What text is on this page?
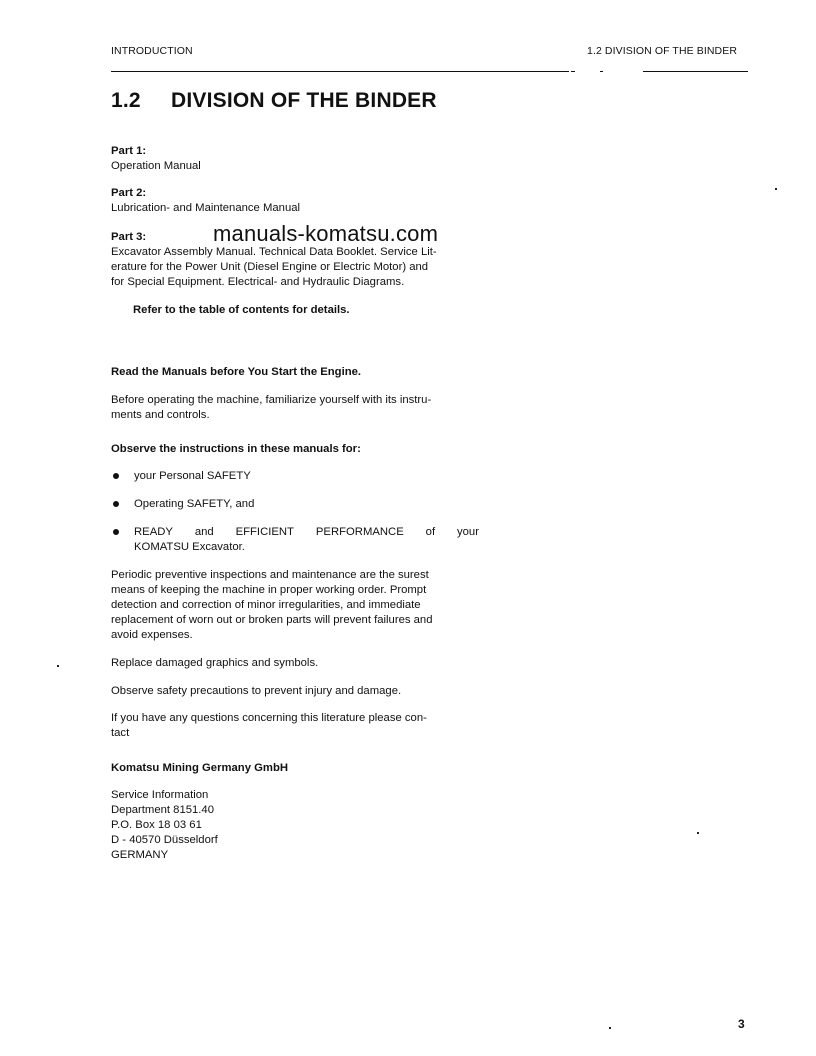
INTRODUCTION	1.2 DIVISION OF THE BINDER
1.2 DIVISION OF THE BINDER
Part 1:
Operation Manual
Part 2:
Lubrication- and Maintenance Manual
Part 3:
Excavator Assembly Manual. Technical Data Booklet. Service Lit-
erature for the Power Unit (Diesel Engine or Electric Motor) and
for Special Equipment. Electrical- and Hydraulic Diagrams.
manuals-komatsu.com
Refer to the table of contents for details.
Read the Manuals before You Start the Engine.
Before operating the machine, familiarize yourself with its instru-
ments and controls.
Observe the instructions in these manuals for:
your Personal SAFETY
Operating SAFETY, and
READY and EFFICIENT PERFORMANCE of your
KOMATSU Excavator.
Periodic preventive inspections and maintenance are the surest
means of keeping the machine in proper working order. Prompt
detection and correction of minor irregularities, and immediate
replacement of worn out or broken parts will prevent failures and
avoid expenses.
Replace damaged graphics and symbols.
Observe safety precautions to prevent injury and damage.
If you have any questions concerning this literature please con-
tact
Komatsu Mining Germany GmbH
Service Information
Department 8151.40
P.O. Box 18 03 61
D - 40570 Düsseldorf
GERMANY
3
